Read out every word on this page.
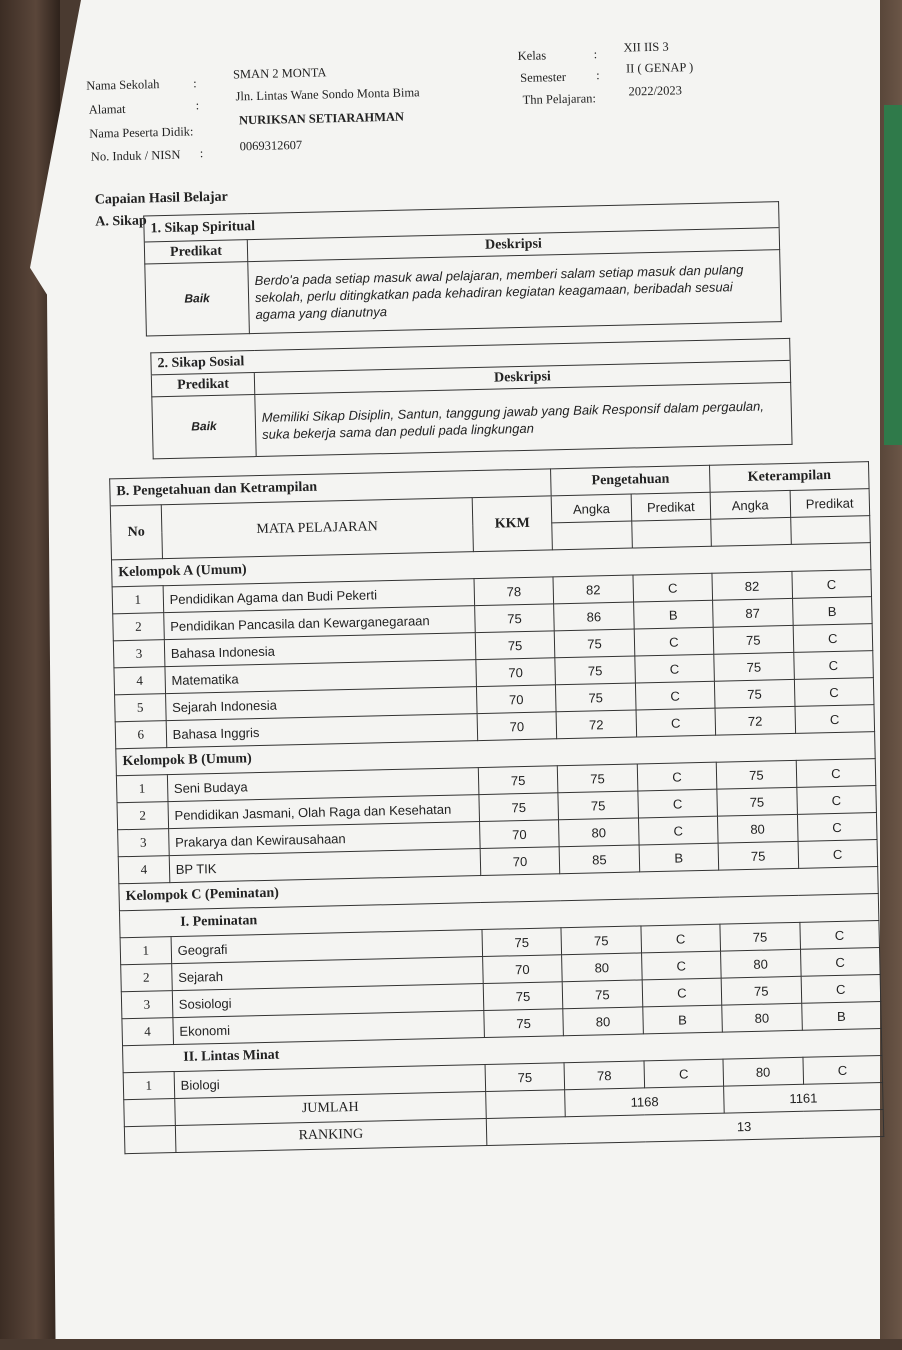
Nama Sekolah	:
SMAN 2 MONTA
Alamat	:
Jln. Lintas Wane Sondo Monta Bima
Nama Peserta Didik:
NURIKSAN SETIARAHMAN
No. Induk / NISN :	0069312607
Kelas	: XII IIS 3
Semester : II ( GENAP )
Thn Pelajaran:
2022/2023
Capaian Hasil Belajar
A. Sikap 1. Sikap Spiritual	
Predikat	Deskripsi
Baik	Berdo'a pada setiap masuk awal pelajaran, memberi salam setiap masuk dan pulang sekolah, perlu ditingkatkan pada kehadiran kegiatan keagamaan, beribadah sesuai agama yang dianutnya
2. Sikap Sosial	
Predikat	Deskripsi
Baik	Memiliki Sikap Disiplin, Santun, tanggung jawab yang Baik Responsif dalam pergaulan, suka bekerja sama dan peduli pada lingkungan
B. Pengetahuan dan Ketrampilan			Pengetahuan		Keterampilan	
No	MATA PELAJARAN	KKM	Angka	Predikat	Angka	Predikat

Kelompok A (Umum)						
1	Pendidikan Agama dan Budi Pekerti	78	82	C	82	C
2	Pendidikan Pancasila dan Kewarganegaraan	75	86	B	87	B
3	Bahasa Indonesia	75	75	C	75	C
4	Matematika	70	75	C	75	C
5	Sejarah Indonesia	70	75	C	75	C
6	Bahasa Inggris	70	72	C	72	C
Kelompok B (Umum)						
1	Seni Budaya	75	75	C	75	C
2	Pendidikan Jasmani, Olah Raga dan Kesehatan	75	75	C	75	C
3	Prakarya dan Kewirausahaan	70	80	C	80	C
4	BP TIK	70	85	B	75	C
Kelompok C (Peminatan)						
I. Peminatan						
1	Geografi	75	75	C	75	C
2	Sejarah	70	80	C	80	C
3	Sosiologi	75	75	C	75	C
4	Ekonomi	75	80	B	80	B
II. Lintas Minat						
1	Biologi	75	78	C	80	C
	JUMLAH		1168		1161	
	RANKING	13				
